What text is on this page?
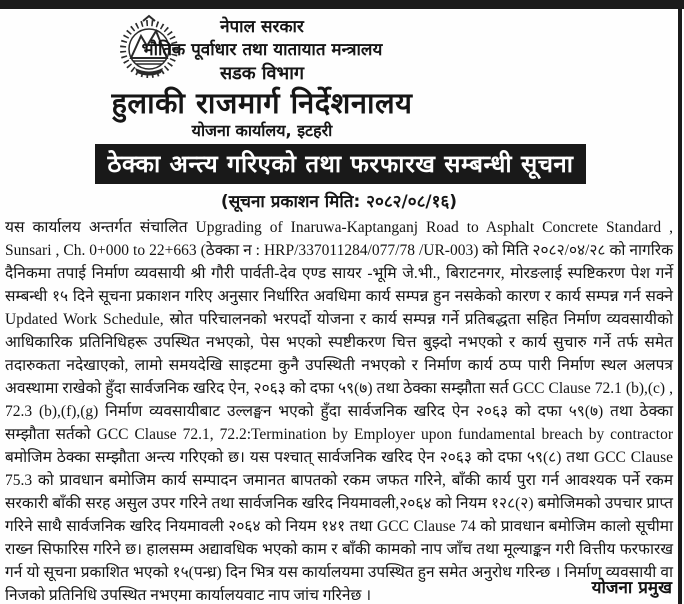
नेपाल सरकार
भौतिक पूर्वाधार तथा यातायात मन्त्रालय
सडक विभाग
हुलाकी राजमार्ग निर्देशनालय
योजना कार्यालय, इटहरी
ठेक्का अन्त्य गरिएको तथा फरफारख सम्बन्धी सूचना
(सूचना प्रकाशन मिति: २०८२/०८/१६)
यस कार्यालय अन्तर्गत संचालित Upgrading of Inaruwa-Kaptanganj Road to Asphalt Concrete Standard , Sunsari , Ch. 0+000 to 22+663 (ठेक्का न : HRP/337011284/077/78 /UR-003) को मिति २०८२/०४/२८ को नागरिक दैनिकमा तपाई निर्माण व्यवसायी श्री गौरी पार्वती-देव एण्ड सायर -भूमि जे.भी., बिराटनगर, मोरङलाई स्पष्टिकरण पेश गर्ने सम्बन्धी १५ दिने सूचना प्रकाशन गरिए अनुसार निर्धारित अवधिमा कार्य सम्पन्न हुन नसकेको कारण र कार्य सम्पन्न गर्न सक्ने Updated Work Schedule, स्रोत परिचालनको भरपर्दो योजना र कार्य सम्पन्न गर्ने प्रतिबद्धता सहित निर्माण व्यवसायीको आधिकारिक प्रतिनिधिहरू उपस्थित नभएको, पेस भएको स्पष्टीकरण चित्त बुझ्दो नभएको र कार्य सुचारु गर्ने तर्फ समेत तदारुकता नदेखाएको, लामो समयदेखि साइटमा कुनै उपस्थिती नभएको र निर्माण कार्य ठप्प पारी निर्माण स्थल अलपत्र अवस्थामा राखेको हुँदा सार्वजनिक खरिद ऐन, २०६३ को दफा ५९(७) तथा ठेक्का सम्झौता सर्त GCC Clause 72.1 (b),(c) , 72.3 (b),(f),(g) निर्माण व्यवसायीबाट उल्लङ्घन भएको हुँदा सार्वजनिक खरिद ऐन २०६३ को दफा ५९(७) तथा ठेक्का सम्झौता सर्तको GCC Clause 72.1, 72.2:Termination by Employer upon fundamental breach by contractor बमोजिम ठेक्का सम्झौता अन्त्य गरिएको छ। यस पश्चात् सार्वजनिक खरिद ऐन २०६३ को दफा ५९(८) तथा GCC Clause 75.3 को प्रावधान बमोजिम कार्य सम्पादन जमानत बापतको रकम जफत गरिने, बाँकी कार्य पुरा गर्न आवश्यक पर्ने रकम सरकारी बाँकी सरह असुल उपर गरिने तथा सार्वजनिक खरिद नियमावली,२०६४ को नियम १२८(२) बमोजिमको उपचार प्राप्त गरिने साथै सार्वजनिक खरिद नियमावली २०६४ को नियम १४१ तथा GCC Clause 74 को प्रावधान बमोजिम कालो सूचीमा राख्न सिफारिस गरिने छ। हालसम्म अद्यावधिक भएको काम र बाँकी कामको नाप जाँच तथा मूल्याङ्कन गरी वित्तीय फरफारख गर्न यो सूचना प्रकाशित भएको १५(पन्ध्र) दिन भित्र यस कार्यालयमा उपस्थित हुन समेत अनुरोध गरिन्छ । निर्माण व्यवसायी वा निजको प्रतिनिधि उपस्थित नभएमा कार्यालयवाट नाप जांच गरिनेछ ।	योजना प्रमुख
